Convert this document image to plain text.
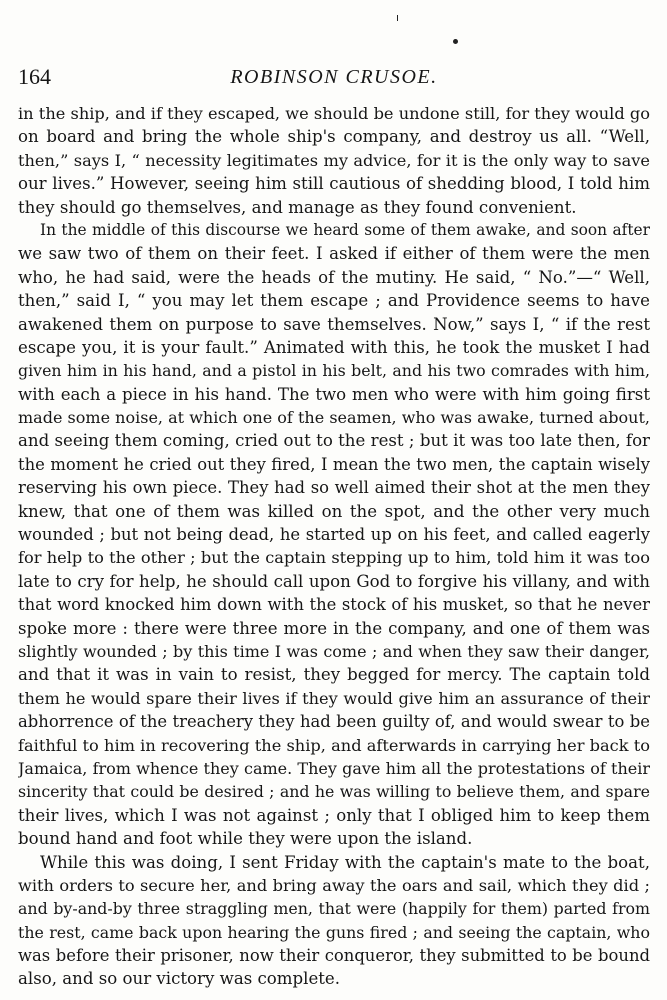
164	ROBINSON CRUSOE.
in the ship, and if they escaped, we should be undone still, for they would go
on board and bring the whole ship's company, and destroy us all. “Well,
then,” says I, “ necessity legitimates my advice, for it is the only way to save
our lives.” However, seeing him still cautious of shedding blood, I told him
they should go themselves, and manage as they found convenient.
In the middle of this discourse we heard some of them awake, and soon after
we saw two of them on their feet. I asked if either of them were the men
who, he had said, were the heads of the mutiny. He said, “ No.”—“ Well,
then,” said I, “ you may let them escape ; and Providence seems to have
awakened them on purpose to save themselves. Now,” says I, “ if the rest
escape you, it is your fault.” Animated with this, he took the musket I had
given him in his hand, and a pistol in his belt, and his two comrades with him,
with each a piece in his hand. The two men who were with him going first
made some noise, at which one of the seamen, who was awake, turned about,
and seeing them coming, cried out to the rest ; but it was too late then, for
the moment he cried out they fired, I mean the two men, the captain wisely
reserving his own piece. They had so well aimed their shot at the men they
knew, that one of them was killed on the spot, and the other very much
wounded ; but not being dead, he started up on his feet, and called eagerly
for help to the other ; but the captain stepping up to him, told him it was too
late to cry for help, he should call upon God to forgive his villany, and with
that word knocked him down with the stock of his musket, so that he never
spoke more : there were three more in the company, and one of them was
slightly wounded ; by this time I was come ; and when they saw their danger,
and that it was in vain to resist, they begged for mercy. The captain told
them he would spare their lives if they would give him an assurance of their
abhorrence of the treachery they had been guilty of, and would swear to be
faithful to him in recovering the ship, and afterwards in carrying her back to
Jamaica, from whence they came. They gave him all the protestations of their
sincerity that could be desired ; and he was willing to believe them, and spare
their lives, which I was not against ; only that I obliged him to keep them
bound hand and foot while they were upon the island.
While this was doing, I sent Friday with the captain's mate to the boat,
with orders to secure her, and bring away the oars and sail, which they did ;
and by-and-by three straggling men, that were (happily for them) parted from
the rest, came back upon hearing the guns fired ; and seeing the captain, who
was before their prisoner, now their conqueror, they submitted to be bound
also, and so our victory was complete.
